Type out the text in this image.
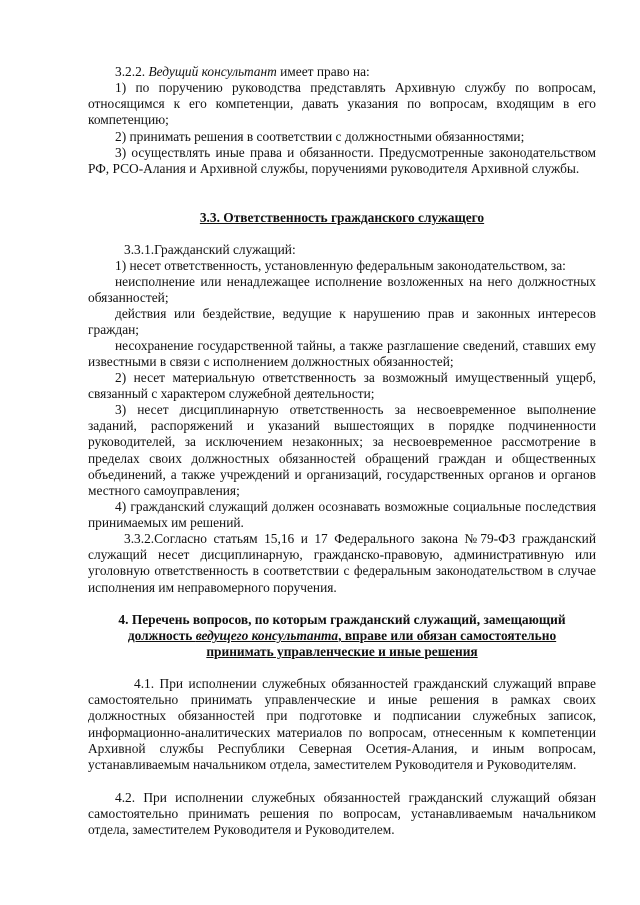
3.2.2. Ведущий консультант имеет право на:

1) по поручению руководства представлять Архивную службу по вопросам, относящимся к его компетенции, давать указания по вопросам, входящим в его компетенцию;

2) принимать решения в соответствии с должностными обязанностями;

3) осуществлять иные права и обязанности. Предусмотренные законодательством РФ, РСО-Алания и Архивной службы, поручениями руководителя Архивной службы.

3.3. Ответственность гражданского служащего

3.3.1.Гражданский служащий:

1) несет ответственность, установленную федеральным законодательством, за:

неисполнение или ненадлежащее исполнение возложенных на него должностных обязанностей;

действия или бездействие, ведущие к нарушению прав и законных интересов граждан;

несохранение государственной тайны, а также разглашение сведений, ставших ему известными в связи с исполнением должностных обязанностей;

2) несет материальную ответственность за возможный имущественный ущерб, связанный с характером служебной деятельности;

3) несет дисциплинарную ответственность за несвоевременное выполнение заданий, распоряжений и указаний вышестоящих в порядке подчиненности руководителей, за исключением незаконных; за несвоевременное рассмотрение в пределах своих должностных обязанностей обращений граждан и общественных объединений, а также учреждений и организаций, государственных органов и органов местного самоуправления;

4) гражданский служащий должен осознавать возможные социальные последствия принимаемых им решений.

3.3.2.Согласно статьям 15,16 и 17 Федерального закона №79-ФЗ гражданский служащий несет дисциплинарную, гражданско-правовую, административную или уголовную ответственность в соответствии с федеральным законодательством в случае исполнения им неправомерного поручения.

4. Перечень вопросов, по которым гражданский служащий, замещающий
должность ведущего консультанта, вправе или обязан самостоятельно
принимать управленческие и иные решения

4.1. При исполнении служебных обязанностей гражданский служащий вправе самостоятельно принимать управленческие и иные решения в рамках своих должностных обязанностей при подготовке и подписании служебных записок, информационно-аналитических материалов по вопросам, отнесенным к компетенции Архивной службы Республики Северная Осетия-Алания, и иным вопросам, устанавливаемым начальником отдела, заместителем Руководителя и Руководителям.

4.2. При исполнении служебных обязанностей гражданский служащий обязан самостоятельно принимать решения по вопросам, устанавливаемым начальником отдела, заместителем Руководителя и Руководителем.
